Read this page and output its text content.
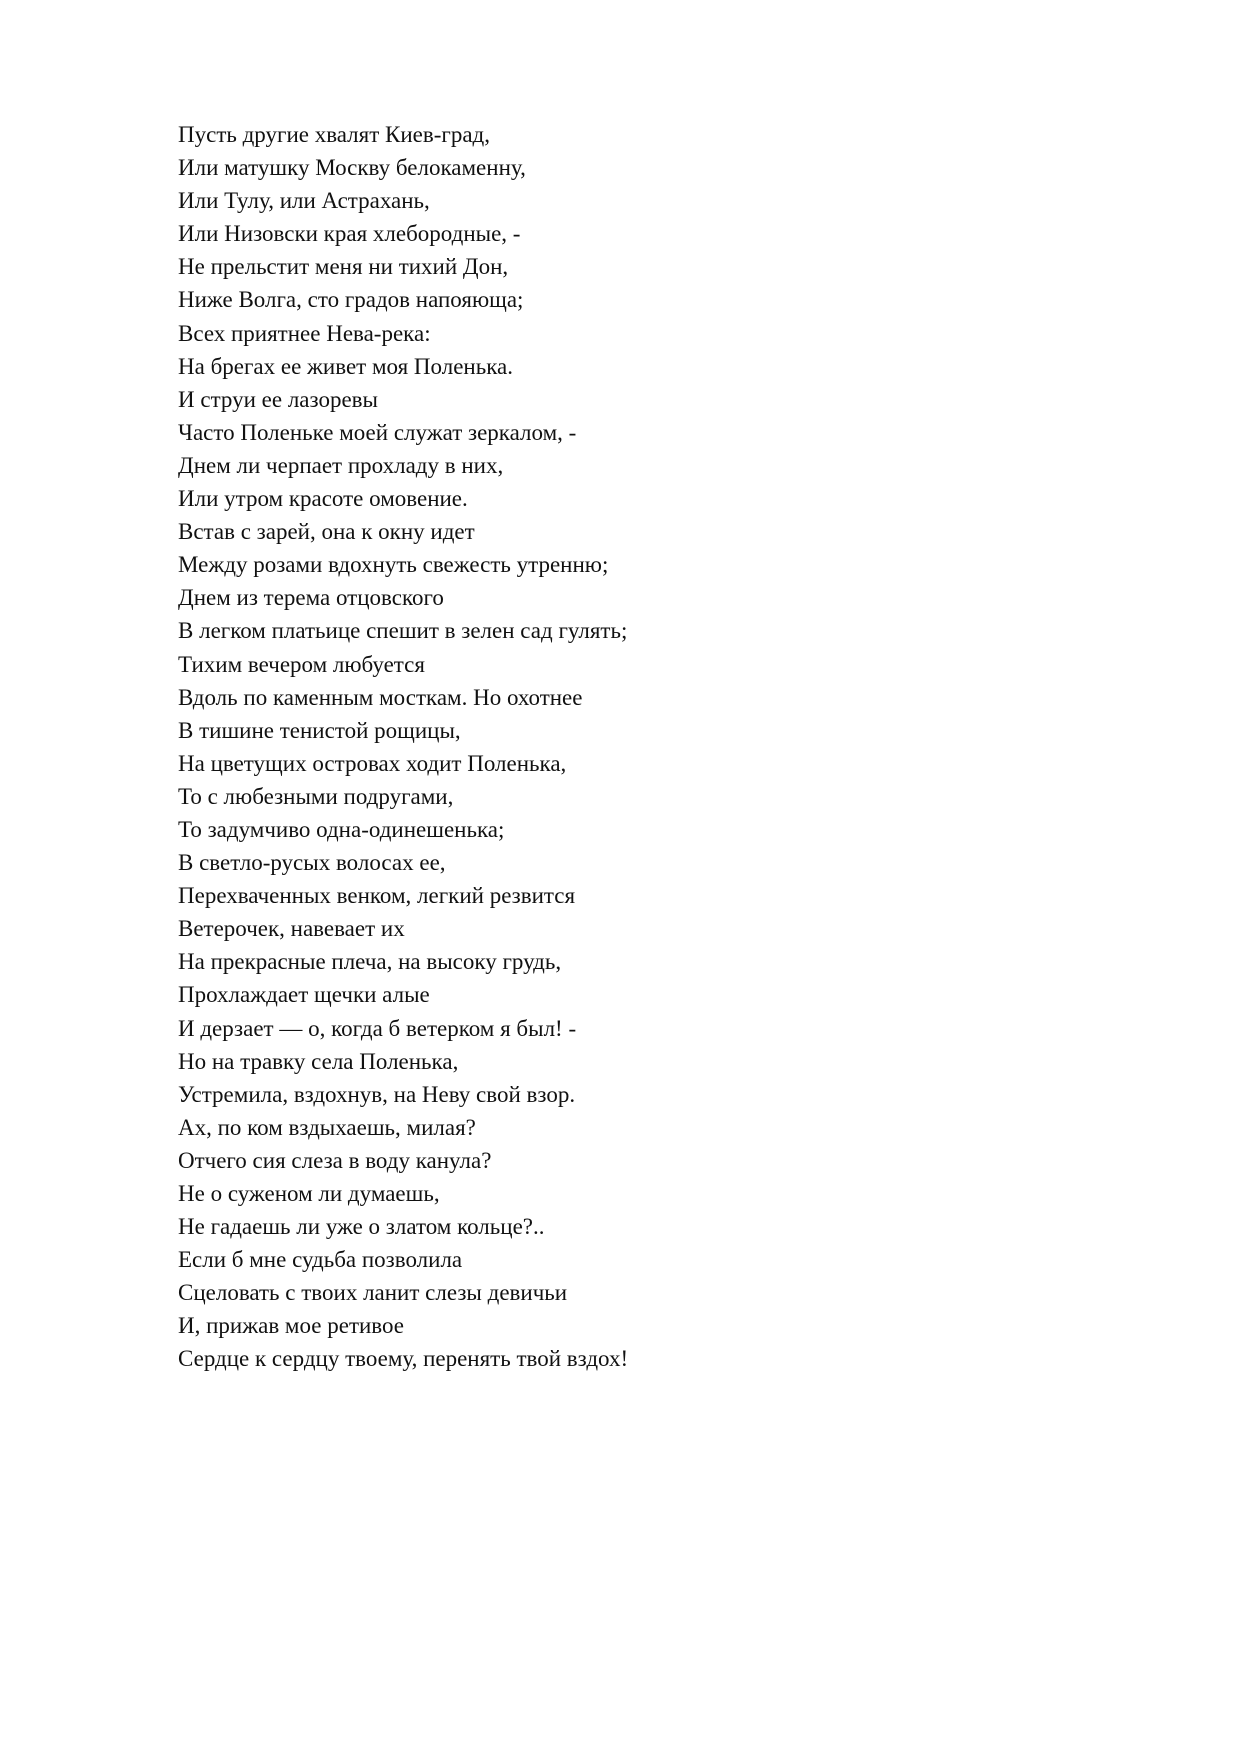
Пусть другие хвалят Киев-град,
Или матушку Москву белокаменну,
Или Тулу, или Астрахань,
Или Низовски края хлебородные, -
Не прельстит меня ни тихий Дон,
Ниже Волга, сто градов напояюща;
Всех приятнее Нева-река:
На брегах ее живет моя Поленька.
И струи ее лазоревы
Часто Поленьке моей служат зеркалом, -
Днем ли черпает прохладу в них,
Или утром красоте омовение.
Встав с зарей, она к окну идет
Между розами вдохнуть свежесть утренню;
Днем из терема отцовского
В легком платьице спешит в зелен сад гулять;
Тихим вечером любуется
Вдоль по каменным мосткам. Но охотнее
В тишине тенистой рощицы,
На цветущих островах ходит Поленька,
То с любезными подругами,
То задумчиво одна-одинешенька;
В светло-русых волосах ее,
Перехваченных венком, легкий резвится
Ветерочек, навевает их
На прекрасные плеча, на высоку грудь,
Прохлаждает щечки алые
И дерзает — о, когда б ветерком я был! -
Но на травку села Поленька,
Устремила, вздохнув, на Неву свой взор.
Ах, по ком вздыхаешь, милая?
Отчего сия слеза в воду канула?
Не о суженом ли думаешь,
Не гадаешь ли уже о златом кольце?..
Если б мне судьба позволила
Сцеловать с твоих ланит слезы девичьи
И, прижав мое ретивое
Сердце к сердцу твоему, перенять твой вздох!
